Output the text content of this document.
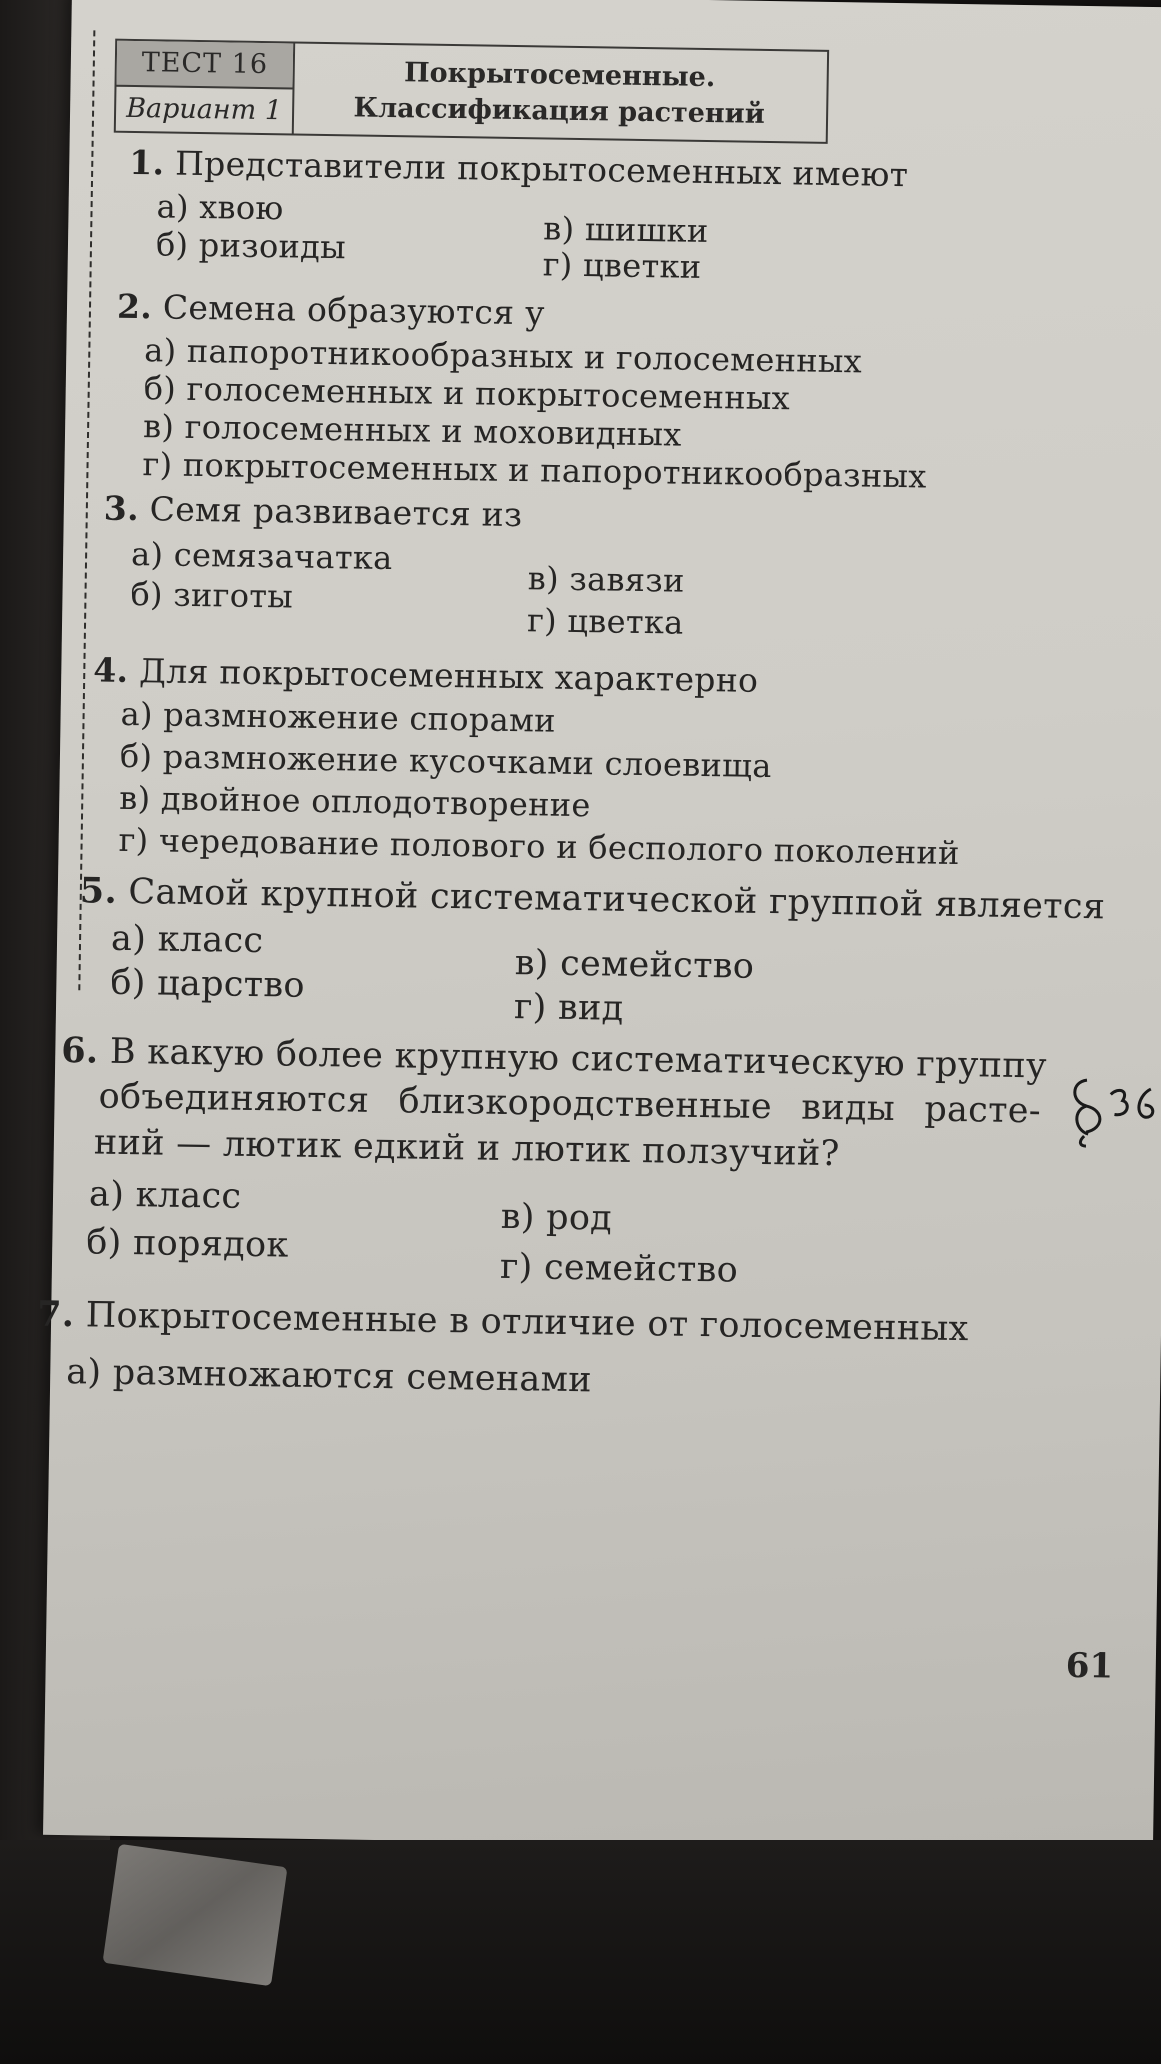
ТЕСТ 16
Вариант 1
Покрытосеменные.
Классификация растений
1. Представители покрытосеменных имеют
а) хвою
б) ризоиды	в) шишки
г) цветки
2. Семена образуются у
а) папоротникообразных и голосеменных
б) голосеменных и покрытосеменных
в) голосеменных и моховидных
г) покрытосеменных и папоротникообразных
3. Семя развивается из
а) семязачатка
б) зиготы	в) завязи
г) цветка
4. Для покрытосеменных характерно
а) размножение спорами
б) размножение кусочками слоевища
в) двойное оплодотворение
г) чередование полового и бесполого поколений
5. Самой крупной систематической группой является
а) класс
б) царство	в) семейство
г) вид
6. В какую более крупную систематическую группу
объединяются близкородственные виды расте-
ний — лютик едкий и лютик ползучий?
а) класс
б) порядок
в) род
г) семейство
7. Покрытосеменные в отличие от голосеменных
а) размножаются семенами
61
